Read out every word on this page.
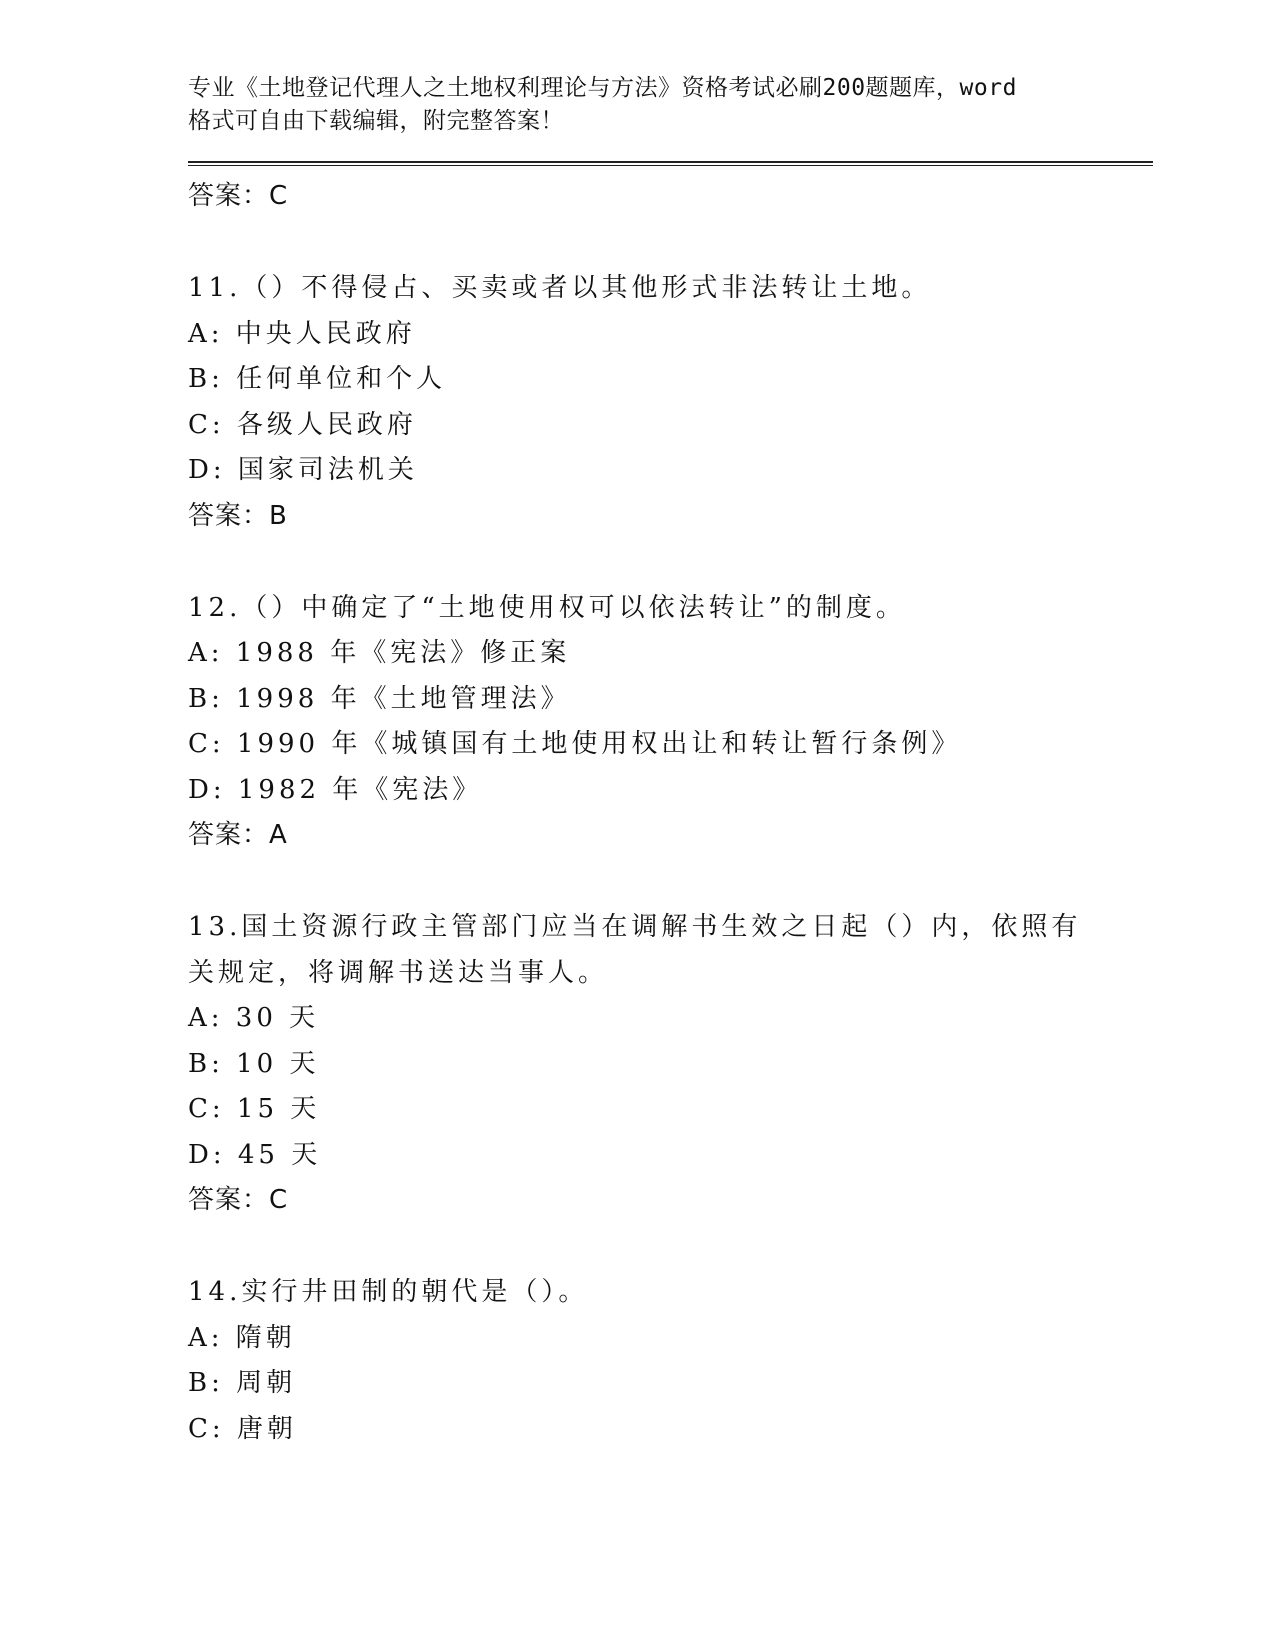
专业《土地登记代理人之土地权利理论与方法》资格考试必刷200题题库，word
格式可自由下载编辑，附完整答案！
答案：C
11.（）不得侵占、买卖或者以其他形式非法转让土地。
A: 中央人民政府
B: 任何单位和个人
C: 各级人民政府
D: 国家司法机关
答案：B
12.（）中确定了“土地使用权可以依法转让”的制度。
A: 1988 年《宪法》修正案
B: 1998 年《土地管理法》
C: 1990 年《城镇国有土地使用权出让和转让暂行条例》
D: 1982 年《宪法》
答案：A
13.国土资源行政主管部门应当在调解书生效之日起（）内，依照有关规定，将调解书送达当事人。
A: 30 天
B: 10 天
C: 15 天
D: 45 天
答案：C
14.实行井田制的朝代是（）。
A: 隋朝
B: 周朝
C: 唐朝
